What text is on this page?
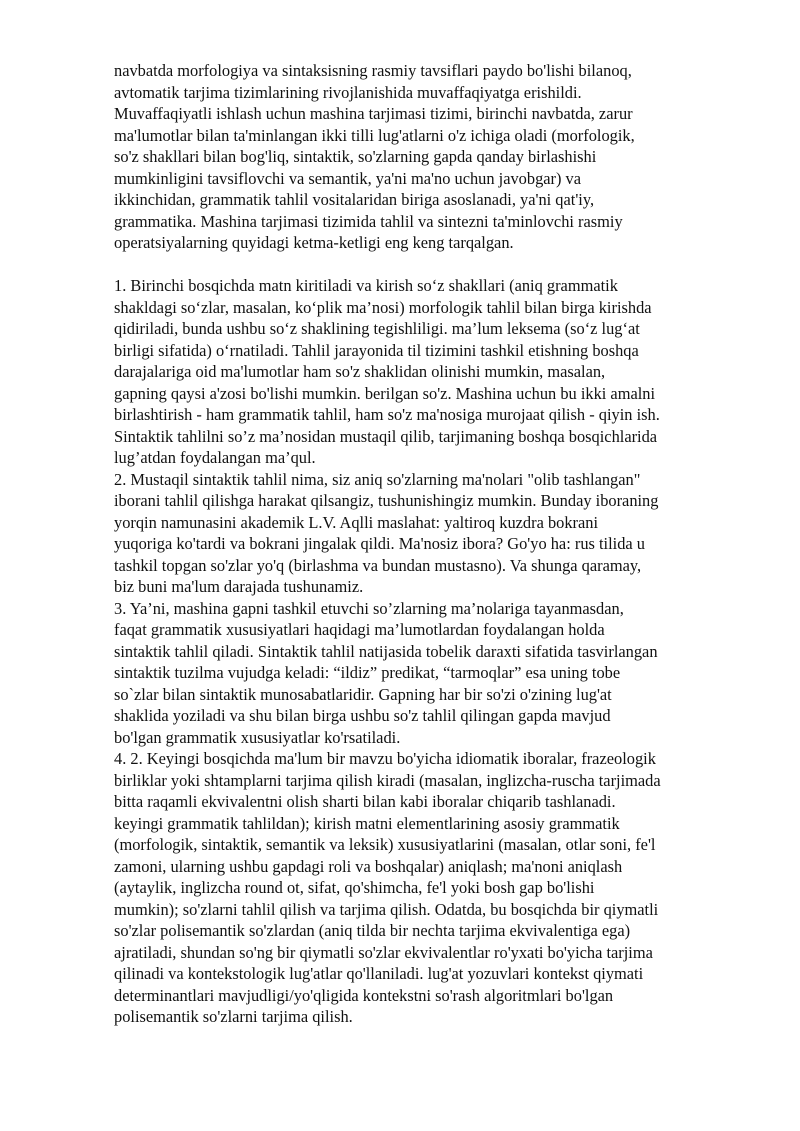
navbatda morfologiya va sintaksisning rasmiy tavsiflari paydo bo'lishi bilanoq,
avtomatik tarjima tizimlarining rivojlanishida muvaffaqiyatga erishildi.
Muvaffaqiyatli ishlash uchun mashina tarjimasi tizimi, birinchi navbatda, zarur
ma'lumotlar bilan ta'minlangan ikki tilli lug'atlarni o'z ichiga oladi (morfologik,
so'z shakllari bilan bog'liq, sintaktik, so'zlarning gapda qanday birlashishi
mumkinligini tavsiflovchi va semantik, ya'ni ma'no uchun javobgar) va
ikkinchidan, grammatik tahlil vositalaridan biriga asoslanadi, ya'ni qat'iy,
grammatika. Mashina tarjimasi tizimida tahlil va sintezni ta'minlovchi rasmiy
operatsiyalarning quyidagi ketma-ketligi eng keng tarqalgan.
1. Birinchi bosqichda matn kiritiladi va kirish so‘z shakllari (aniq grammatik
shakldagi so‘zlar, masalan, ko‘plik ma’nosi) morfologik tahlil bilan birga kirishda
qidiriladi, bunda ushbu so‘z shaklining tegishliligi. ma’lum leksema (so‘z lug‘at
birligi sifatida) o‘rnatiladi. Tahlil jarayonida til tizimini tashkil etishning boshqa
darajalariga oid ma'lumotlar ham so'z shaklidan olinishi mumkin, masalan,
gapning qaysi a'zosi bo'lishi mumkin. berilgan so'z. Mashina uchun bu ikki amalni
birlashtirish - ham grammatik tahlil, ham so'z ma'nosiga murojaat qilish - qiyin ish.
Sintaktik tahlilni so’z ma’nosidan mustaqil qilib, tarjimaning boshqa bosqichlarida
lug’atdan foydalangan ma’qul.
2. Mustaqil sintaktik tahlil nima, siz aniq so'zlarning ma'nolari "olib tashlangan"
iborani tahlil qilishga harakat qilsangiz, tushunishingiz mumkin. Bunday iboraning
yorqin namunasini akademik L.V. Aqlli maslahat: yaltiroq kuzdra bokrani
yuqoriga ko'tardi va bokrani jingalak qildi. Ma'nosiz ibora? Go'yo ha: rus tilida u
tashkil topgan so'zlar yo'q (birlashma va bundan mustasno). Va shunga qaramay,
biz buni ma'lum darajada tushunamiz.
3. Ya’ni, mashina gapni tashkil etuvchi so’zlarning ma’nolariga tayanmasdan,
faqat grammatik xususiyatlari haqidagi ma’lumotlardan foydalangan holda
sintaktik tahlil qiladi. Sintaktik tahlil natijasida tobelik daraxti sifatida tasvirlangan
sintaktik tuzilma vujudga keladi: “ildiz” predikat, “tarmoqlar” esa uning tobe
so`zlar bilan sintaktik munosabatlaridir. Gapning har bir so'zi o'zining lug'at
shaklida yoziladi va shu bilan birga ushbu so'z tahlil qilingan gapda mavjud
bo'lgan grammatik xususiyatlar ko'rsatiladi.
4. 2. Keyingi bosqichda ma'lum bir mavzu bo'yicha idiomatik iboralar, frazeologik
birliklar yoki shtamplarni tarjima qilish kiradi (masalan, inglizcha-ruscha tarjimada
bitta raqamli ekvivalentni olish sharti bilan kabi iboralar chiqarib tashlanadi.
keyingi grammatik tahlildan); kirish matni elementlarining asosiy grammatik
(morfologik, sintaktik, semantik va leksik) xususiyatlarini (masalan, otlar soni, fe'l
zamoni, ularning ushbu gapdagi roli va boshqalar) aniqlash; ma'noni aniqlash
(aytaylik, inglizcha round ot, sifat, qo'shimcha, fe'l yoki bosh gap bo'lishi
mumkin); so'zlarni tahlil qilish va tarjima qilish. Odatda, bu bosqichda bir qiymatli
so'zlar polisemantik so'zlardan (aniq tilda bir nechta tarjima ekvivalentiga ega)
ajratiladi, shundan so'ng bir qiymatli so'zlar ekvivalentlar ro'yxati bo'yicha tarjima
qilinadi va kontekstologik lug'atlar qo'llaniladi. lug'at yozuvlari kontekst qiymati
determinantlari mavjudligi/yo'qligida kontekstni so'rash algoritmlari bo'lgan
polisemantik so'zlarni tarjima qilish.
